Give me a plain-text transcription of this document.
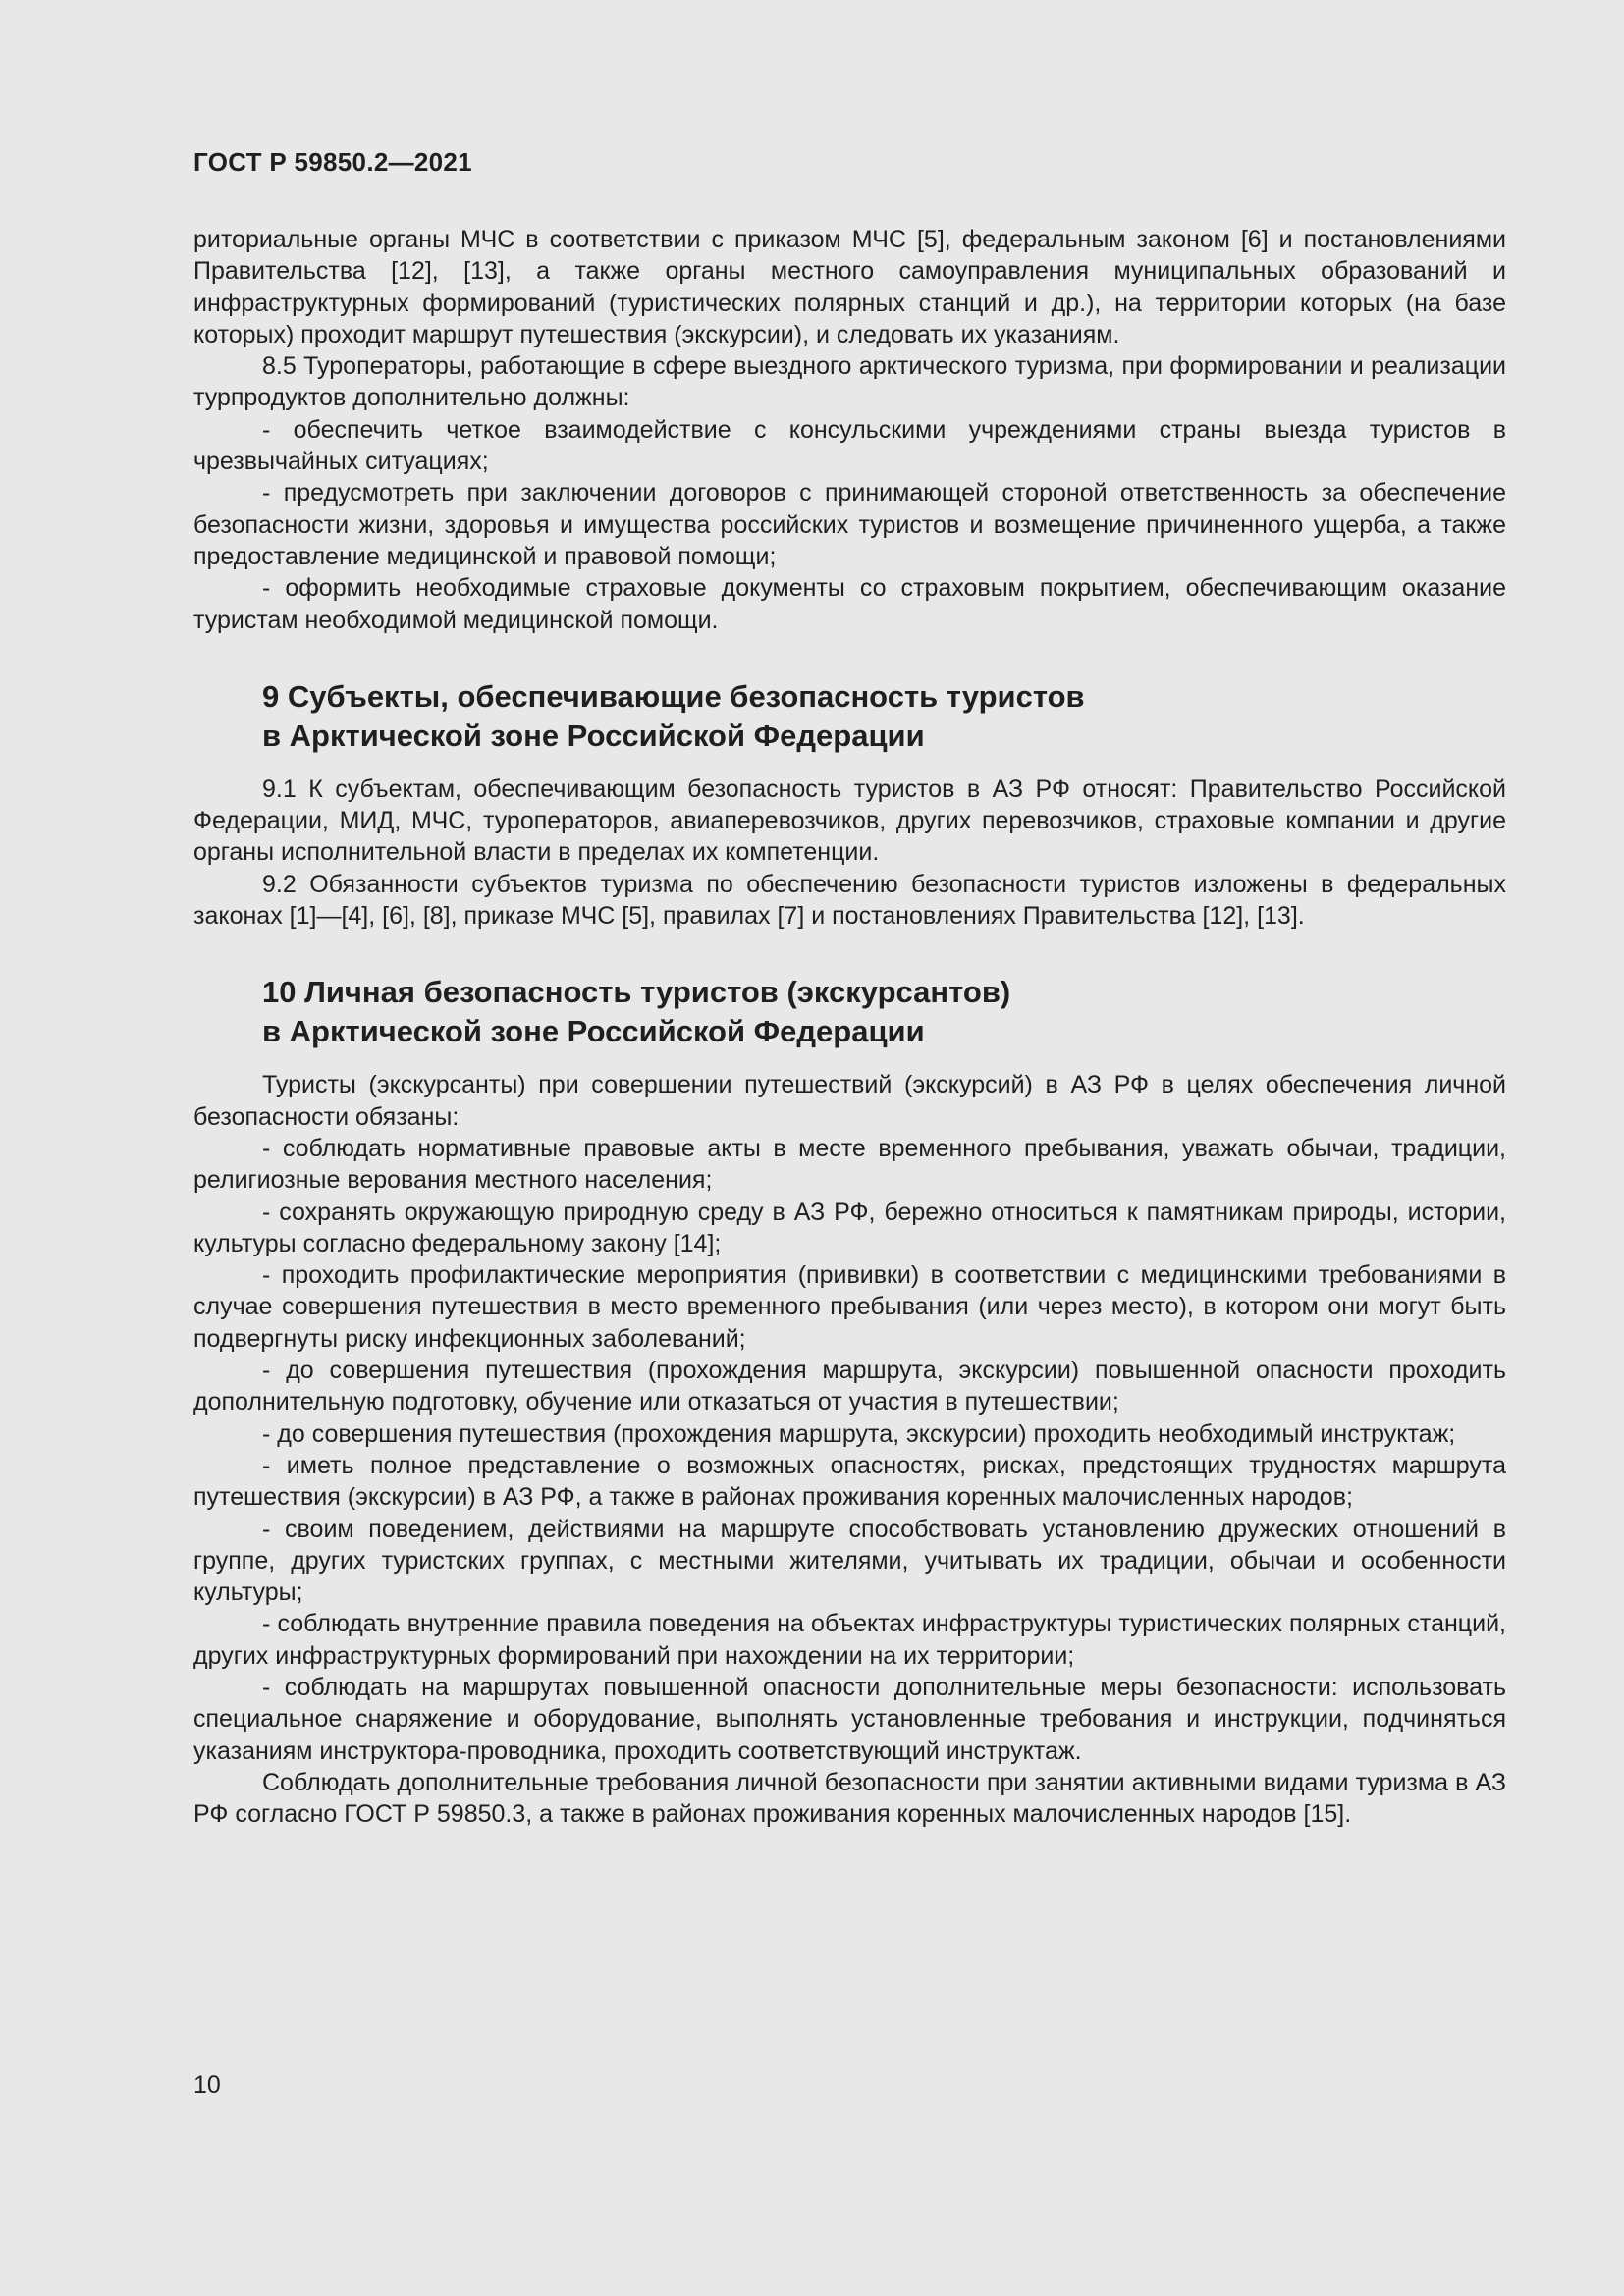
ГОСТ Р 59850.2—2021

риториальные органы МЧС в соответствии с приказом МЧС [5], федеральным законом [6] и постановлениями Правительства [12], [13], а также органы местного самоуправления муниципальных образований и инфраструктурных формирований (туристических полярных станций и др.), на территории которых (на базе которых) проходит маршрут путешествия (экскурсии), и следовать их указаниям.

8.5 Туроператоры, работающие в сфере выездного арктического туризма, при формировании и реализации турпродуктов дополнительно должны:

- обеспечить четкое взаимодействие с консульскими учреждениями страны выезда туристов в чрезвычайных ситуациях;

- предусмотреть при заключении договоров с принимающей стороной ответственность за обеспечение безопасности жизни, здоровья и имущества российских туристов и возмещение причиненного ущерба, а также предоставление медицинской и правовой помощи;

- оформить необходимые страховые документы со страховым покрытием, обеспечивающим оказание туристам необходимой медицинской помощи.

9 Субъекты, обеспечивающие безопасность туристов
в Арктической зоне Российской Федерации

9.1 К субъектам, обеспечивающим безопасность туристов в АЗ РФ относят: Правительство Российской Федерации, МИД, МЧС, туроператоров, авиаперевозчиков, других перевозчиков, страховые компании и другие органы исполнительной власти в пределах их компетенции.

9.2 Обязанности субъектов туризма по обеспечению безопасности туристов изложены в федеральных законах [1]—[4], [6], [8], приказе МЧС [5], правилах [7] и постановлениях Правительства [12], [13].

10 Личная безопасность туристов (экскурсантов)
в Арктической зоне Российской Федерации

Туристы (экскурсанты) при совершении путешествий (экскурсий) в АЗ РФ в целях обеспечения личной безопасности обязаны:

- соблюдать нормативные правовые акты в месте временного пребывания, уважать обычаи, традиции, религиозные верования местного населения;

- сохранять окружающую природную среду в АЗ РФ, бережно относиться к памятникам природы, истории, культуры согласно федеральному закону [14];

- проходить профилактические мероприятия (прививки) в соответствии с медицинскими требованиями в случае совершения путешествия в место временного пребывания (или через место), в котором они могут быть подвергнуты риску инфекционных заболеваний;

- до совершения путешествия (прохождения маршрута, экскурсии) повышенной опасности проходить дополнительную подготовку, обучение или отказаться от участия в путешествии;

- до совершения путешествия (прохождения маршрута, экскурсии) проходить необходимый инструктаж;

- иметь полное представление о возможных опасностях, рисках, предстоящих трудностях маршрута путешествия (экскурсии) в АЗ РФ, а также в районах проживания коренных малочисленных народов;

- своим поведением, действиями на маршруте способствовать установлению дружеских отношений в группе, других туристских группах, с местными жителями, учитывать их традиции, обычаи и особенности культуры;

- соблюдать внутренние правила поведения на объектах инфраструктуры туристических полярных станций, других инфраструктурных формирований при нахождении на их территории;

- соблюдать на маршрутах повышенной опасности дополнительные меры безопасности: использовать специальное снаряжение и оборудование, выполнять установленные требования и инструкции, подчиняться указаниям инструктора-проводника, проходить соответствующий инструктаж.

Соблюдать дополнительные требования личной безопасности при занятии активными видами туризма в АЗ РФ согласно ГОСТ Р 59850.3, а также в районах проживания коренных малочисленных народов [15].

10
